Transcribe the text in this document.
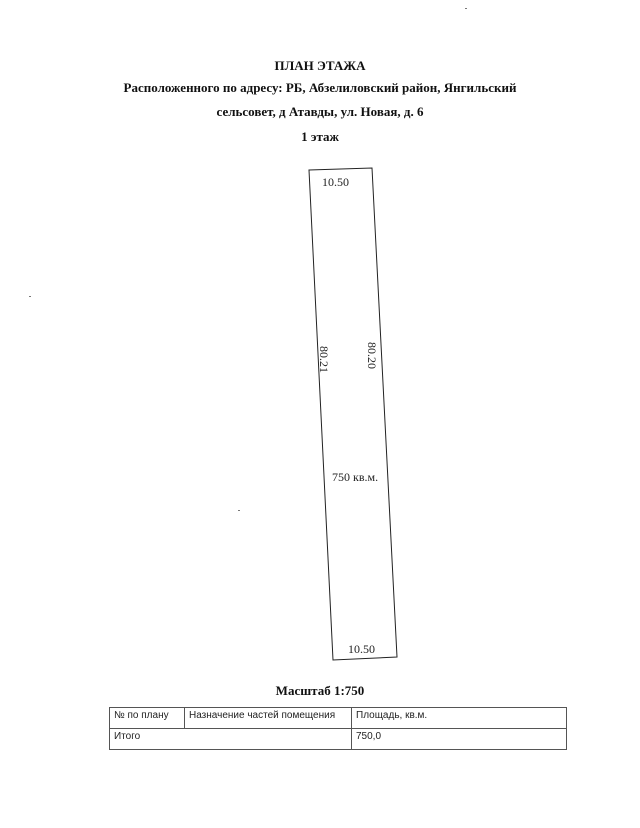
ПЛАН ЭТАЖА
Расположенного по адресу: РБ, Абзелиловский район, Янгильский
сельсовет, д Атавды, ул. Новая, д. 6
1 этаж
10.50
10.50
80.21	80.20
750 кв.м.
Масштаб 1:750
№ по плану	Назначение частей помещения	Площадь, кв.м.
Итого		750,0
